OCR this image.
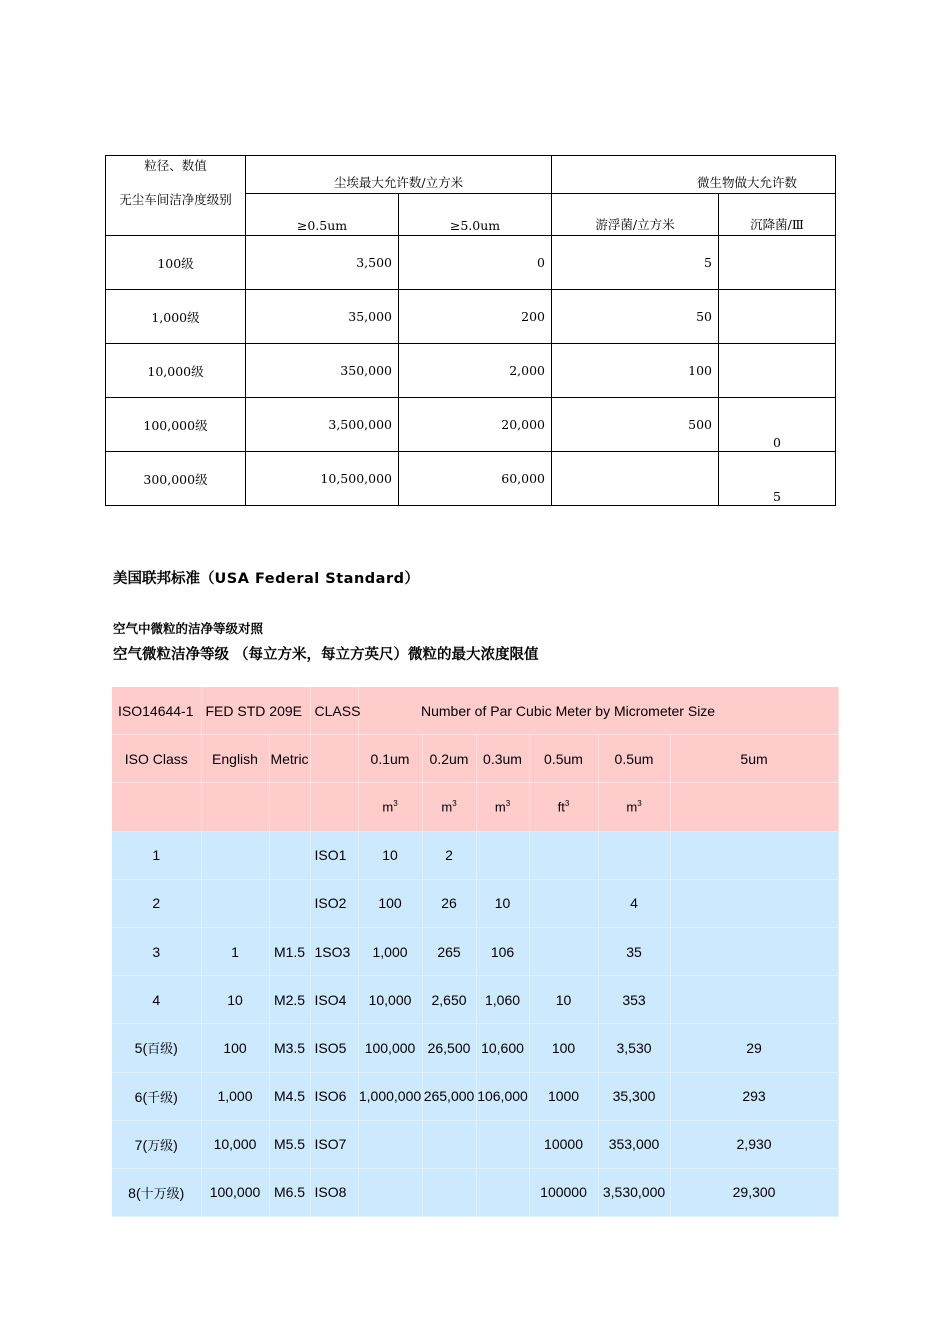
粒径、数值
无尘车间洁净度级别	尘埃最大允许数/立方米		微生物做大允许数	
	≥0.5um	≥5.0um	游浮菌/立方米	沉降菌/Ⅲ
100级	3,500	0	5	
1,000级	35,000	200	50	
10,000级	350,000	2,000	100	
100,000级	3,500,000	20,000	500	0
300,000级	10,500,000	60,000		5
美国联邦标准（USA Federal Standard）
空气中微粒的洁净等级对照
空气微粒洁净等级 （每立方米，每立方英尺）微粒的最大浓度限值
ISO14644-1	FED STD 209E		CLASS	Number of Par Cubic Meter by Micrometer Size					
ISO Class	English	Metric		0.1um	0.2um	0.3um	0.5um	0.5um	5um
				$m^3$	$m^3$	$m^3$	$ft^3$	$m^3$	
1			ISO1	10	2				
2			ISO2	100	26	10		4	
3	1	M1.5	1SO3	1,000	265	106		35	
4	10	M2.5	ISO4	10,000	2,650	1,060	10	353	
5(百级)	100	M3.5	ISO5	100,000	26,500	10,600	100	3,530	29
6(千级)	1,000	M4.5	ISO6	1,000,000	265,000	106,000	1000	35,300	293
7(万级)	10,000	M5.5	ISO7				10000	353,000	2,930
8(十万级)	100,000	M6.5	ISO8				100000	3,530,000	29,300
